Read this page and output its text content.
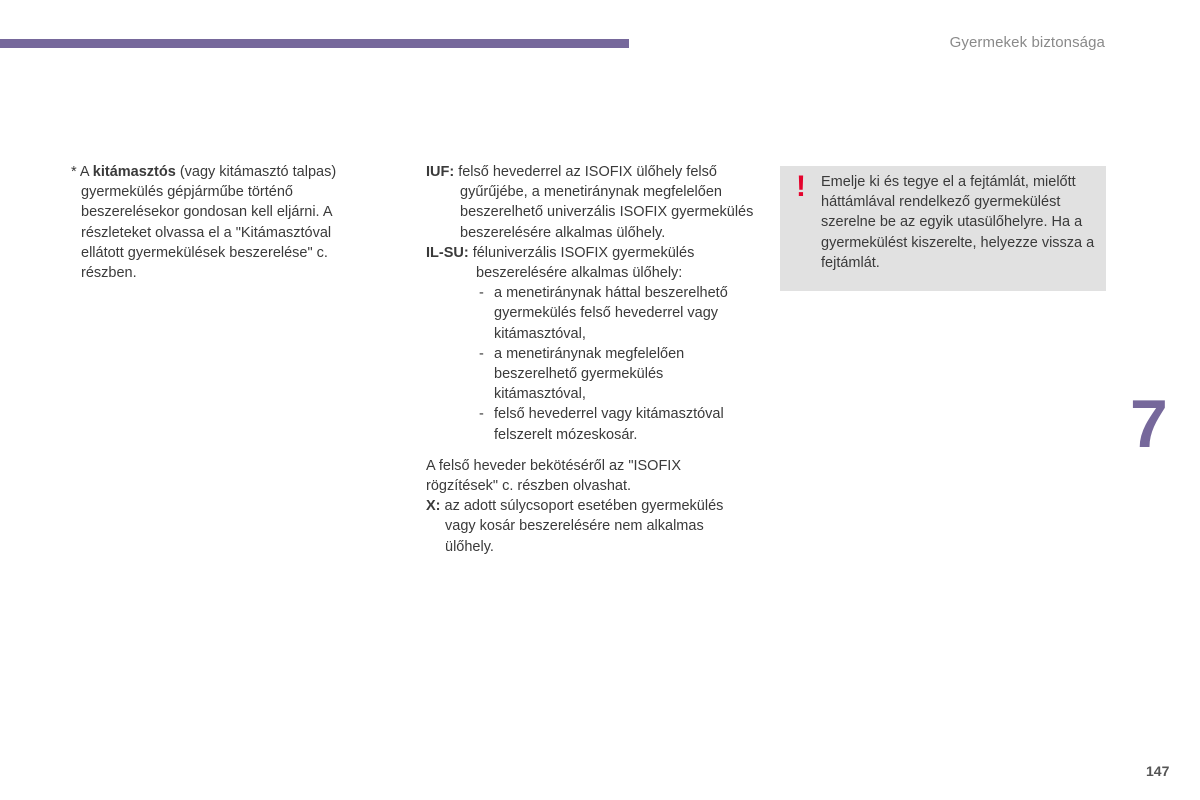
Gyermekek biztonsága
* A kitámasztós (vagy kitámasztó talpas)
gyermekülés gépjárműbe történő beszerelésekor gondosan kell eljárni. A részleteket olvassa el a "Kitámasztóval ellátott gyermekülések beszerelése" c. részben.
IUF: felső hevederrel az ISOFIX ülőhely felső gyűrűjébe, a menetiránynak megfelelően beszerelhető univerzális ISOFIX gyermekülés beszerelésére alkalmas ülőhely.
IL-SU: féluniverzális ISOFIX gyermekülés beszerelésére alkalmas ülőhely:
- a menetiránynak háttal beszerelhető gyermekülés felső hevederrel vagy kitámasztóval,
- a menetiránynak megfelelően beszerelhető gyermekülés kitámasztóval,
- felső hevederrel vagy kitámasztóval felszerelt mózeskosár.
A felső heveder bekötéséről az "ISOFIX rögzítések" c. részben olvashat.
X: az adott súlycsoport esetében gyermekülés vagy kosár beszerelésére nem alkalmas ülőhely.
! Emelje ki és tegye el a fejtámlát, mielőtt háttámlával rendelkező gyermekülést szerelne be az egyik utasülőhelyre. Ha a gyermekülést kiszerelte, helyezze vissza a fejtámlát.
7
147
